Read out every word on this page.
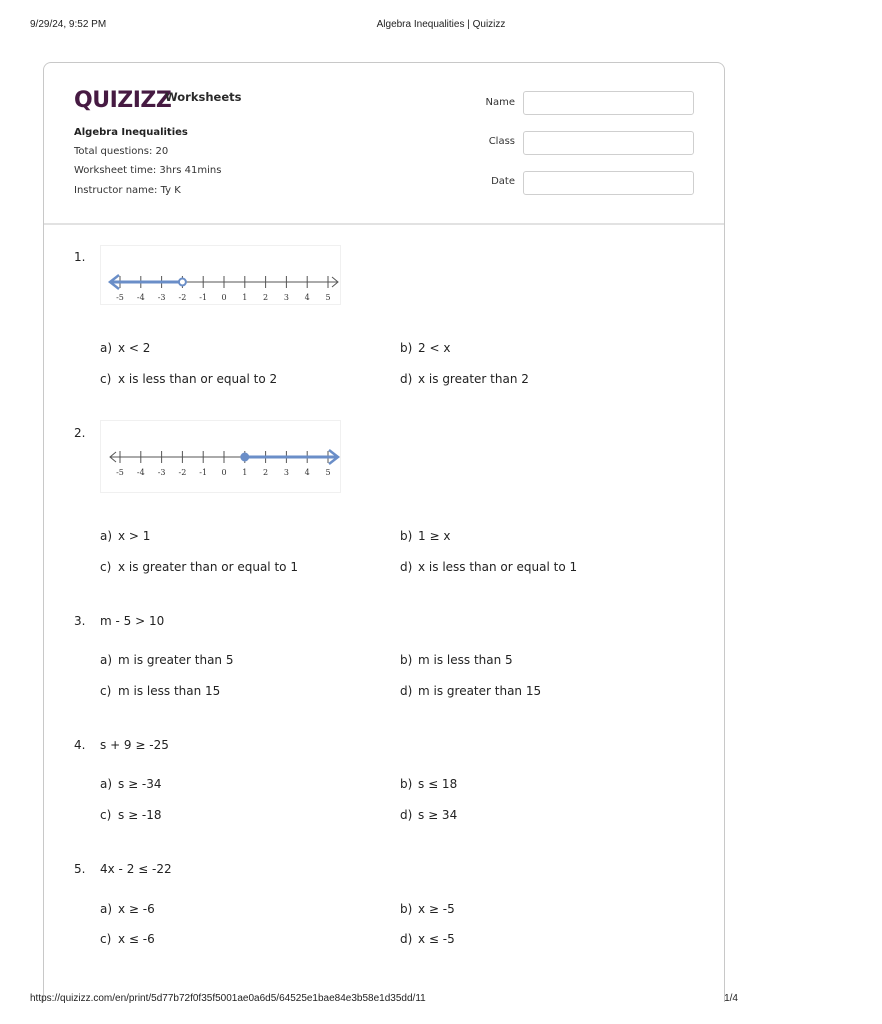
9/29/24, 9:52 PM	Algebra Inequalities | Quizizz
QUIZIZZ
Worksheets
Algebra Inequalities
Total questions: 20
Worksheet time: 3hrs 41mins
Instructor name: Ty K
Name
Class
Date
1.
-5 -4 -3 -2 -1 0 1 2 3 4 5
a) x < 2	b) 2 < x
c) x is less than or equal to 2	d) x is greater than 2
2.
-5 -4 -3 -2 -1 0 1 2 3 4 5
a) x > 1	b) 1 ≥ x
c) x is greater than or equal to 1	d) x is less than or equal to 1
3. m - 5 > 10
a) m is greater than 5	b) m is less than 5
c) m is less than 15	d) m is greater than 15
4. s + 9 ≥ -25
a) s ≥ -34	b) s ≤ 18
c) s ≥ -18	d) s ≥ 34
5. 4x - 2 ≤ -22
a) x ≥ -6	b) x ≥ -5
c) x ≤ -6	d) x ≤ -5
https://quizizz.com/en/print/5d77b72f0f35f5001ae0a6d5/64525e1bae84e3b58e1d35dd/11	1/4
